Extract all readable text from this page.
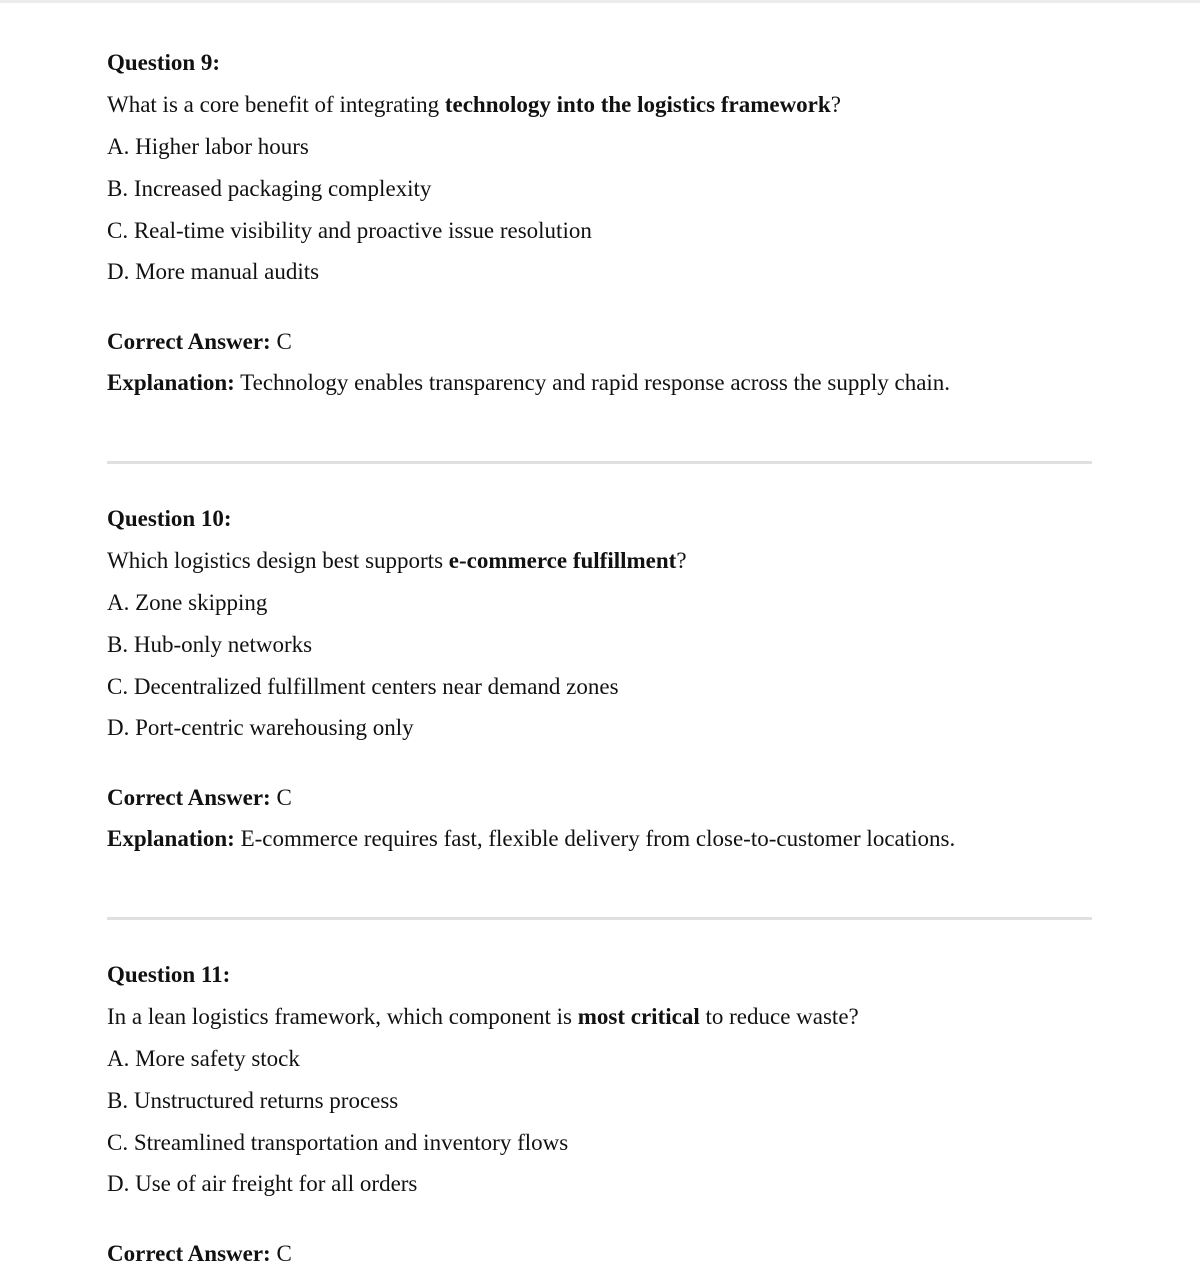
Question 9:

What is a core benefit of integrating technology into the logistics framework?

A. Higher labor hours

B. Increased packaging complexity

C. Real-time visibility and proactive issue resolution

D. More manual audits

Correct Answer: C

Explanation: Technology enables transparency and rapid response across the supply chain.

Question 10:

Which logistics design best supports e-commerce fulfillment?

A. Zone skipping

B. Hub-only networks

C. Decentralized fulfillment centers near demand zones

D. Port-centric warehousing only

Correct Answer: C

Explanation: E-commerce requires fast, flexible delivery from close-to-customer locations.

Question 11:

In a lean logistics framework, which component is most critical to reduce waste?

A. More safety stock

B. Unstructured returns process

C. Streamlined transportation and inventory flows

D. Use of air freight for all orders

Correct Answer: C
